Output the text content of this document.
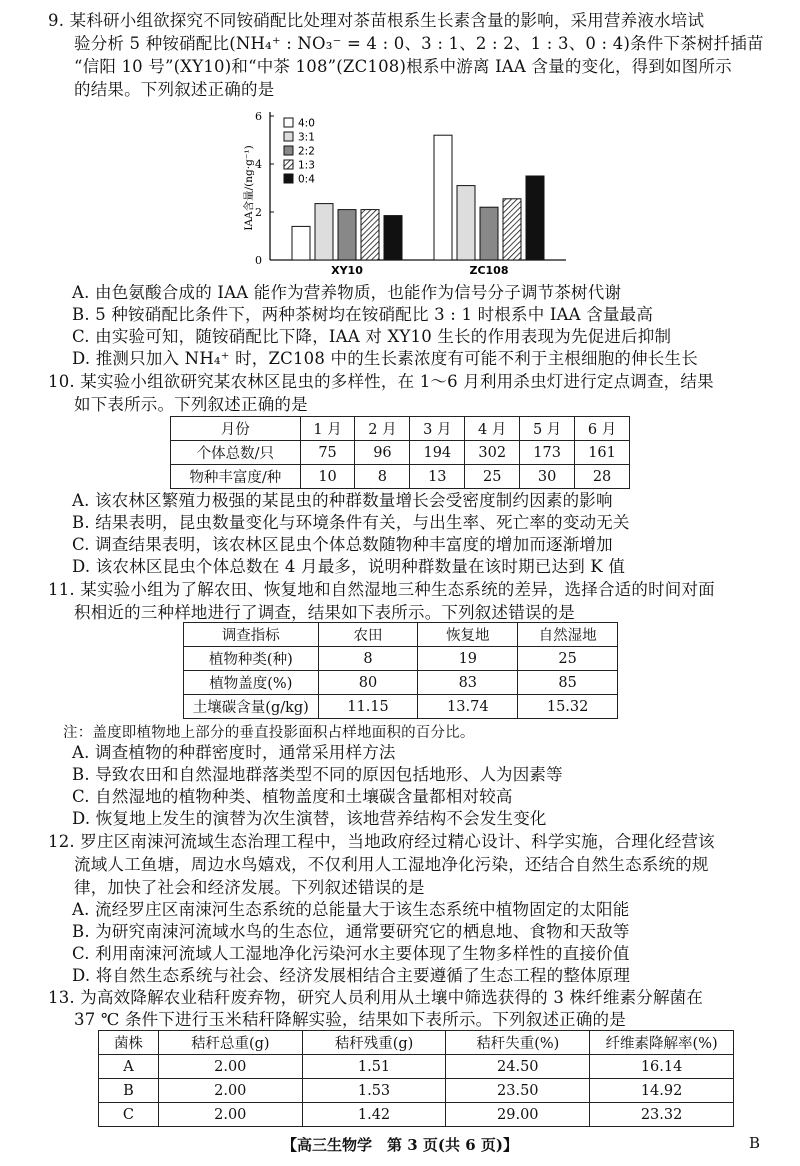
9. 某科研小组欲探究不同铵硝配比处理对茶苗根系生长素含量的影响，采用营养液水培试
验分析 5 种铵硝配比(NH₄⁺ : NO₃⁻ = 4 : 0、3 : 1、2 : 2、1 : 3、0 : 4)条件下茶树扦插苗
“信阳 10 号”(XY10)和“中茶 108”(ZC108)根系中游离 IAA 含量的变化，得到如图所示
的结果。下列叙述正确的是
0
2
4
6
IAA含量/(ng·g⁻¹)
XY10	ZC108
4:0
3:1
2:2
1:3
0:4
A. 由色氨酸合成的 IAA 能作为营养物质，也能作为信号分子调节茶树代谢
B. 5 种铵硝配比条件下，两种茶树均在铵硝配比 3 : 1 时根系中 IAA 含量最高
C. 由实验可知，随铵硝配比下降，IAA 对 XY10 生长的作用表现为先促进后抑制
D. 推测只加入 NH₄⁺ 时，ZC108 中的生长素浓度有可能不利于主根细胞的伸长生长
10. 某实验小组欲研究某农林区昆虫的多样性，在 1～6 月利用杀虫灯进行定点调查，结果
如下表所示。下列叙述正确的是
月份	1 月	2 月	3 月	4 月	5 月	6 月
个体总数/只	75	96	194	302	173	161
物种丰富度/种	10	8	13	25	30	28
A. 该农林区繁殖力极强的某昆虫的种群数量增长会受密度制约因素的影响
B. 结果表明，昆虫数量变化与环境条件有关，与出生率、死亡率的变动无关
C. 调查结果表明，该农林区昆虫个体总数随物种丰富度的增加而逐渐增加
D. 该农林区昆虫个体总数在 4 月最多，说明种群数量在该时期已达到 K 值
11. 某实验小组为了解农田、恢复地和自然湿地三种生态系统的差异，选择合适的时间对面
积相近的三种样地进行了调查，结果如下表所示。下列叙述错误的是
调查指标	农田	恢复地	自然湿地
植物种类(种)	8	19	25
植物盖度(%)	80	83	85
土壤碳含量(g/kg)	11.15	13.74	15.32
注：盖度即植物地上部分的垂直投影面积占样地面积的百分比。
A. 调查植物的种群密度时，通常采用样方法
B. 导致农田和自然湿地群落类型不同的原因包括地形、人为因素等
C. 自然湿地的植物种类、植物盖度和土壤碳含量都相对较高
D. 恢复地上发生的演替为次生演替，该地营养结构不会发生变化
12. 罗庄区南涑河流域生态治理工程中，当地政府经过精心设计、科学实施，合理化经营该
流域人工鱼塘，周边水鸟嬉戏，不仅利用人工湿地净化污染，还结合自然生态系统的规
律，加快了社会和经济发展。下列叙述错误的是
A. 流经罗庄区南涑河生态系统的总能量大于该生态系统中植物固定的太阳能
B. 为研究南涑河流域水鸟的生态位，通常要研究它的栖息地、食物和天敌等
C. 利用南涑河流域人工湿地净化污染河水主要体现了生物多样性的直接价值
D. 将自然生态系统与社会、经济发展相结合主要遵循了生态工程的整体原理
13. 为高效降解农业秸秆废弃物，研究人员利用从土壤中筛选获得的 3 株纤维素分解菌在
37 ℃ 条件下进行玉米秸秆降解实验，结果如下表所示。下列叙述正确的是
菌株	秸秆总重(g)	秸秆残重(g)	秸秆失重(%)	纤维素降解率(%)
A	2.00	1.51	24.50	16.14
B	2.00	1.53	23.50	14.92
C	2.00	1.42	29.00	23.32
【高三生物学　第 3 页(共 6 页)】	B
